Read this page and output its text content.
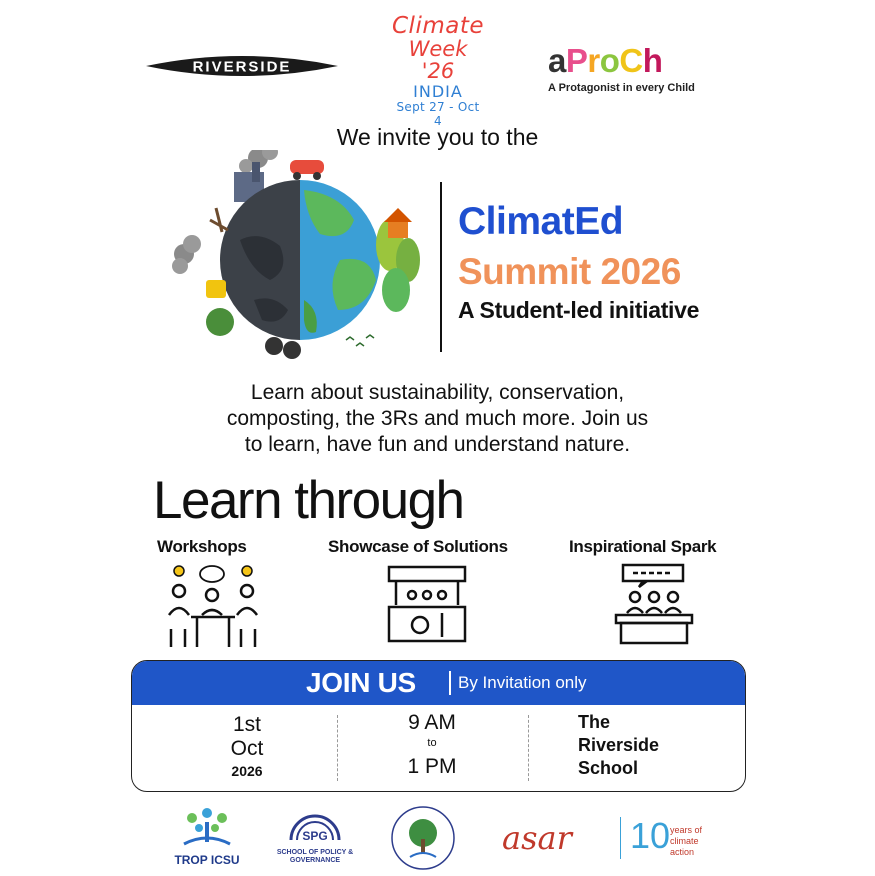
RIVERSIDE
Climate
Week '26
INDIA
Sept 27 - Oct 4
aProCh
A Protagonist in every Child
We invite you to the
ClimatEd
Summit 2026
A Student-led initiative
Learn about sustainability, conservation,
composting, the 3Rs and much more. Join us
to learn, have fun and understand nature.
Learn through
Workshops	Showcase of Solutions	Inspirational Spark
JOIN US By Invitation only
1st
Oct
2026
9 AM
to
1 PM
The
Riverside
School
TROP ICSU
SPG
SCHOOL OF POLICY &
GOVERNANCE
asar 10 years of
climate action
